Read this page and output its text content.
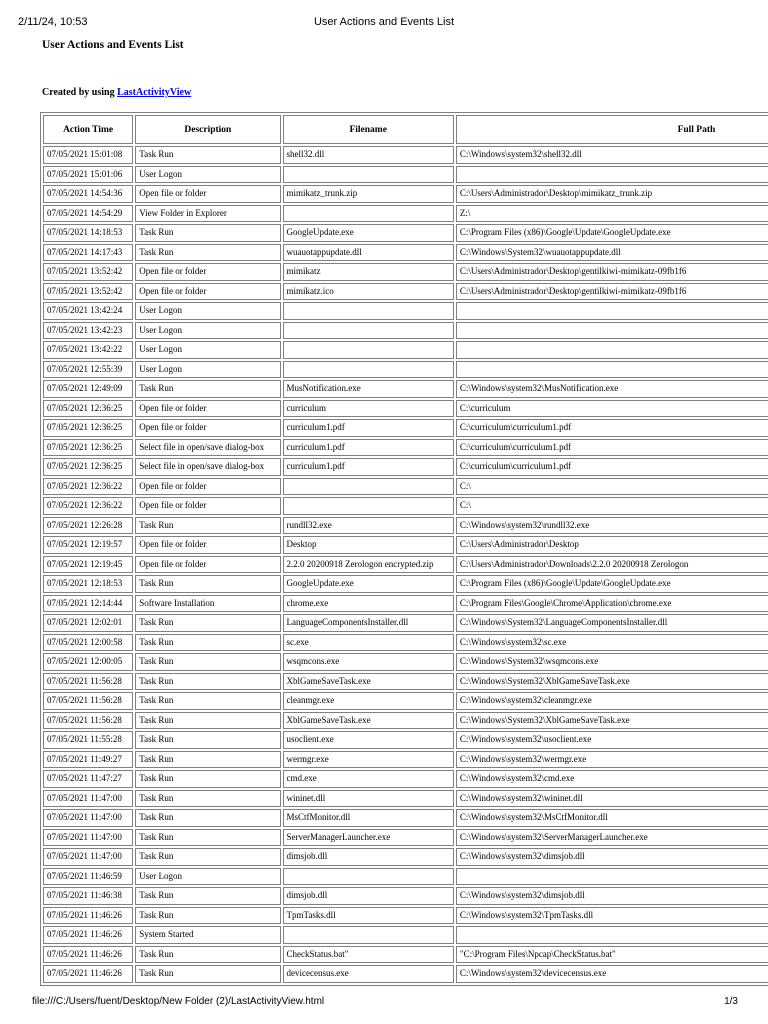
2/11/24, 10:53	User Actions and Events List
User Actions and Events List
Created by using LastActivityView
Action Time	Description	Filename	Full Path
07/05/2021 15:01:08	Task Run	shell32.dll	C:\Windows\system32\shell32.dll
07/05/2021 15:01:06	User Logon		
07/05/2021 14:54:36	Open file or folder	mimikatz_trunk.zip	C:\Users\Administrador\Desktop\mimikatz_trunk.zip
07/05/2021 14:54:29	View Folder in Explorer		Z:\
07/05/2021 14:18:53	Task Run	GoogleUpdate.exe	C:\Program Files (x86)\Google\Update\GoogleUpdate.exe
07/05/2021 14:17:43	Task Run	wuauotappupdate.dll	C:\Windows\System32\wuauotappupdate.dll
07/05/2021 13:52:42	Open file or folder	mimikatz	C:\Users\Administrador\Desktop\gentilkiwi-mimikatz-09fb1f6
07/05/2021 13:52:42	Open file or folder	mimikatz.ico	C:\Users\Administrador\Desktop\gentilkiwi-mimikatz-09fb1f6
07/05/2021 13:42:24	User Logon		
07/05/2021 13:42:23	User Logon		
07/05/2021 13:42:22	User Logon		
07/05/2021 12:55:39	User Logon		
07/05/2021 12:49:09	Task Run	MusNotification.exe	C:\Windows\system32\MusNotification.exe
07/05/2021 12:36:25	Open file or folder	curriculum	C:\curriculum
07/05/2021 12:36:25	Open file or folder	curriculum1.pdf	C:\curriculum\curriculum1.pdf
07/05/2021 12:36:25	Select file in open/save dialog-box	curriculum1.pdf	C:\curriculum\curriculum1.pdf
07/05/2021 12:36:25	Select file in open/save dialog-box	curriculum1.pdf	C:\curriculum\curriculum1.pdf
07/05/2021 12:36:22	Open file or folder		C:\
07/05/2021 12:36:22	Open file or folder		C:\
07/05/2021 12:26:28	Task Run	rundll32.exe	C:\Windows\system32\rundll32.exe
07/05/2021 12:19:57	Open file or folder	Desktop	C:\Users\Administrador\Desktop
07/05/2021 12:19:45	Open file or folder	2.2.0 20200918 Zerologon encrypted.zip	C:\Users\Administrador\Downloads\2.2.0 20200918 Zerologon
07/05/2021 12:18:53	Task Run	GoogleUpdate.exe	C:\Program Files (x86)\Google\Update\GoogleUpdate.exe
07/05/2021 12:14:44	Software Installation	chrome.exe	C:\Program Files\Google\Chrome\Application\chrome.exe
07/05/2021 12:02:01	Task Run	LanguageComponentsInstaller.dll	C:\Windows\System32\LanguageComponentsInstaller.dll
07/05/2021 12:00:58	Task Run	sc.exe	C:\Windows\system32\sc.exe
07/05/2021 12:00:05	Task Run	wsqmcons.exe	C:\Windows\System32\wsqmcons.exe
07/05/2021 11:56:28	Task Run	XblGameSaveTask.exe	C:\Windows\System32\XblGameSaveTask.exe
07/05/2021 11:56:28	Task Run	cleanmgr.exe	C:\Windows\system32\cleanmgr.exe
07/05/2021 11:56:28	Task Run	XblGameSaveTask.exe	C:\Windows\System32\XblGameSaveTask.exe
07/05/2021 11:55:28	Task Run	usoclient.exe	C:\Windows\system32\usoclient.exe
07/05/2021 11:49:27	Task Run	wermgr.exe	C:\Windows\system32\wermgr.exe
07/05/2021 11:47:27	Task Run	cmd.exe	C:\Windows\system32\cmd.exe
07/05/2021 11:47:00	Task Run	wininet.dll	C:\Windows\system32\wininet.dll
07/05/2021 11:47:00	Task Run	MsCtfMonitor.dll	C:\Windows\system32\MsCtfMonitor.dll
07/05/2021 11:47:00	Task Run	ServerManagerLauncher.exe	C:\Windows\system32\ServerManagerLauncher.exe
07/05/2021 11:47:00	Task Run	dimsjob.dll	C:\Windows\system32\dimsjob.dll
07/05/2021 11:46:59	User Logon		
07/05/2021 11:46:38	Task Run	dimsjob.dll	C:\Windows\system32\dimsjob.dll
07/05/2021 11:46:26	Task Run	TpmTasks.dll	C:\Windows\system32\TpmTasks.dll
07/05/2021 11:46:26	System Started		
07/05/2021 11:46:26	Task Run	CheckStatus.bat"	"C:\Program Files\Npcap\CheckStatus.bat"
07/05/2021 11:46:26	Task Run	devicecensus.exe	C:\Windows\system32\devicecensus.exe
file:///C:/Users/fuent/Desktop/New Folder (2)/LastActivityView.html	1/3
